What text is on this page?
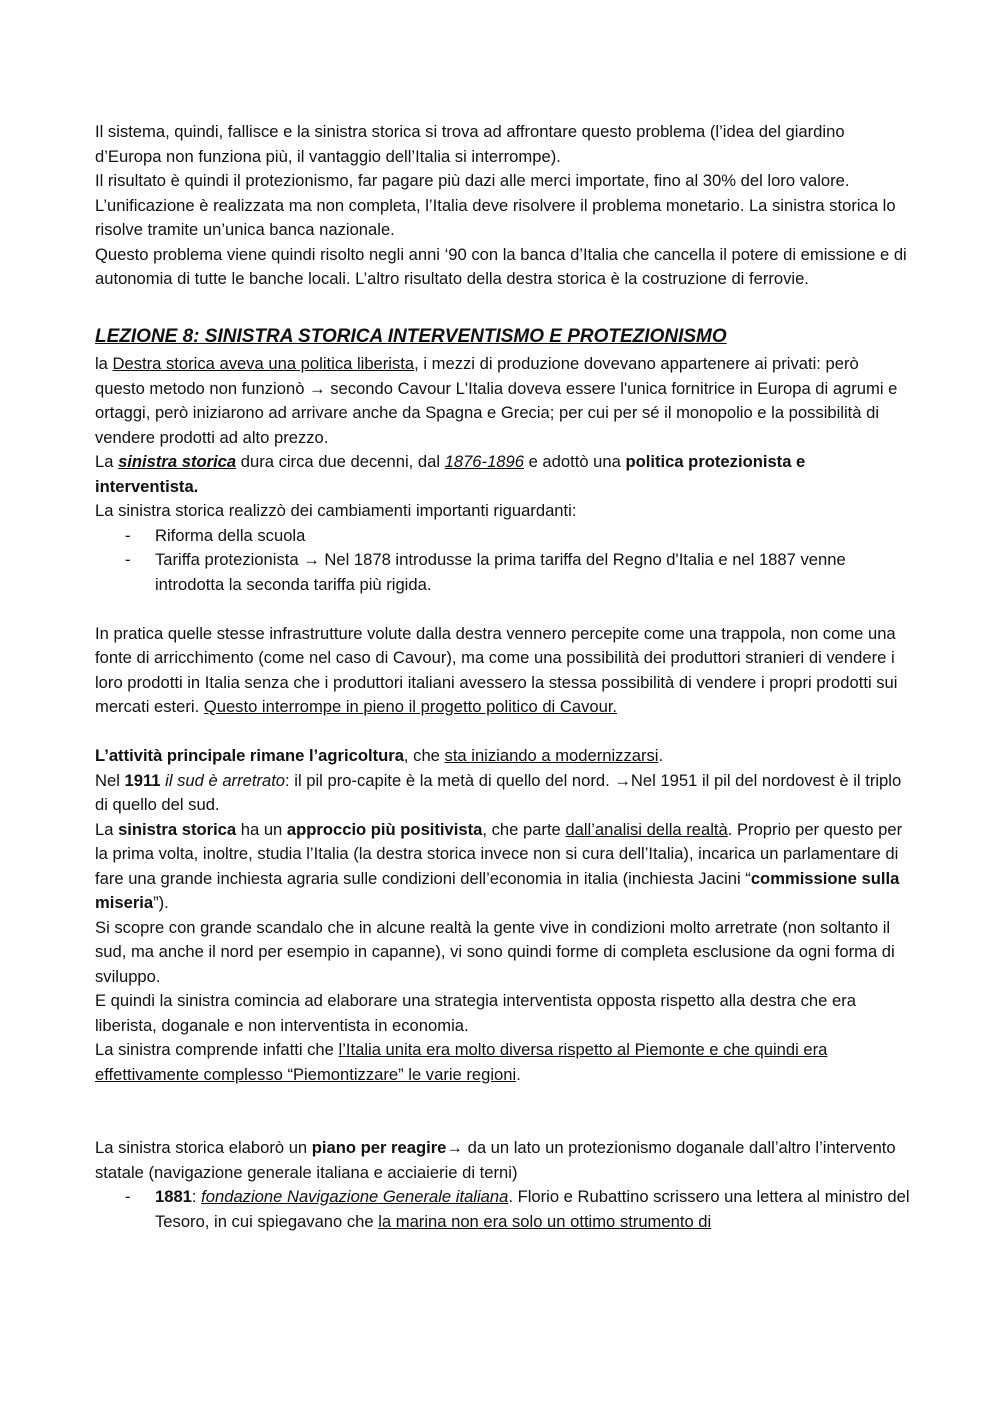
Il sistema, quindi, fallisce e la sinistra storica si trova ad affrontare questo problema (l’idea del giardino d’Europa non funziona più, il vantaggio dell’Italia si interrompe).

Il risultato è quindi il protezionismo, far pagare più dazi alle merci importate, fino al 30% del loro valore.

L’unificazione è realizzata ma non completa, l’Italia deve risolvere il problema monetario. La sinistra storica lo risolve tramite un’unica banca nazionale.

Questo problema viene quindi risolto negli anni ‘90 con la banca d’Italia che cancella il potere di emissione e di autonomia di tutte le banche locali. L’altro risultato della destra storica è la costruzione di ferrovie.

LEZIONE 8: SINISTRA STORICA INTERVENTISMO E PROTEZIONISMO

la Destra storica aveva una politica liberista, i mezzi di produzione dovevano appartenere ai privati: però questo metodo non funzionò → secondo Cavour L'Italia doveva essere l'unica fornitrice in Europa di agrumi e ortaggi, però iniziarono ad arrivare anche da Spagna e Grecia; per cui per sé il monopolio e la possibilità di vendere prodotti ad alto prezzo.

La sinistra storica dura circa due decenni, dal 1876-1896 e adottò una politica protezionista e interventista.

La sinistra storica realizzò dei cambiamenti importanti riguardanti:

- Riforma della scuola
- Tariffa protezionista → Nel 1878 introdusse la prima tariffa del Regno d'Italia e nel 1887 venne introdotta la seconda tariffa più rigida.

In pratica quelle stesse infrastrutture volute dalla destra vennero percepite come una trappola, non come una fonte di arricchimento (come nel caso di Cavour), ma come una possibilità dei produttori stranieri di vendere i loro prodotti in Italia senza che i produttori italiani avessero la stessa possibilità di vendere i propri prodotti sui mercati esteri. Questo interrompe in pieno il progetto politico di Cavour.

L’attività principale rimane l’agricoltura, che sta iniziando a modernizzarsi.

Nel 1911 il sud è arretrato: il pil pro-capite è la metà di quello del nord. →Nel 1951 il pil del nordovest è il triplo di quello del sud.

La sinistra storica ha un approccio più positivista, che parte dall’analisi della realtà. Proprio per questo per la prima volta, inoltre, studia l’Italia (la destra storica invece non si cura dell’Italia), incarica un parlamentare di fare una grande inchiesta agraria sulle condizioni dell’economia in italia (inchiesta Jacini “commissione sulla miseria”).

Si scopre con grande scandalo che in alcune realtà la gente vive in condizioni molto arretrate (non soltanto il sud, ma anche il nord per esempio in capanne), vi sono quindi forme di completa esclusione da ogni forma di sviluppo.

E quindi la sinistra comincia ad elaborare una strategia interventista opposta rispetto alla destra che era liberista, doganale e non interventista in economia.

La sinistra comprende infatti che l’Italia unita era molto diversa rispetto al Piemonte e che quindi era effettivamente complesso “Piemontizzare” le varie regioni.

La sinistra storica elaborò un piano per reagire→ da un lato un protezionismo doganale dall’altro l’intervento statale (navigazione generale italiana e acciaierie di terni)

- 1881: fondazione Navigazione Generale italiana. Florio e Rubattino scrissero una lettera al ministro del Tesoro, in cui spiegavano che la marina non era solo un ottimo strumento di
